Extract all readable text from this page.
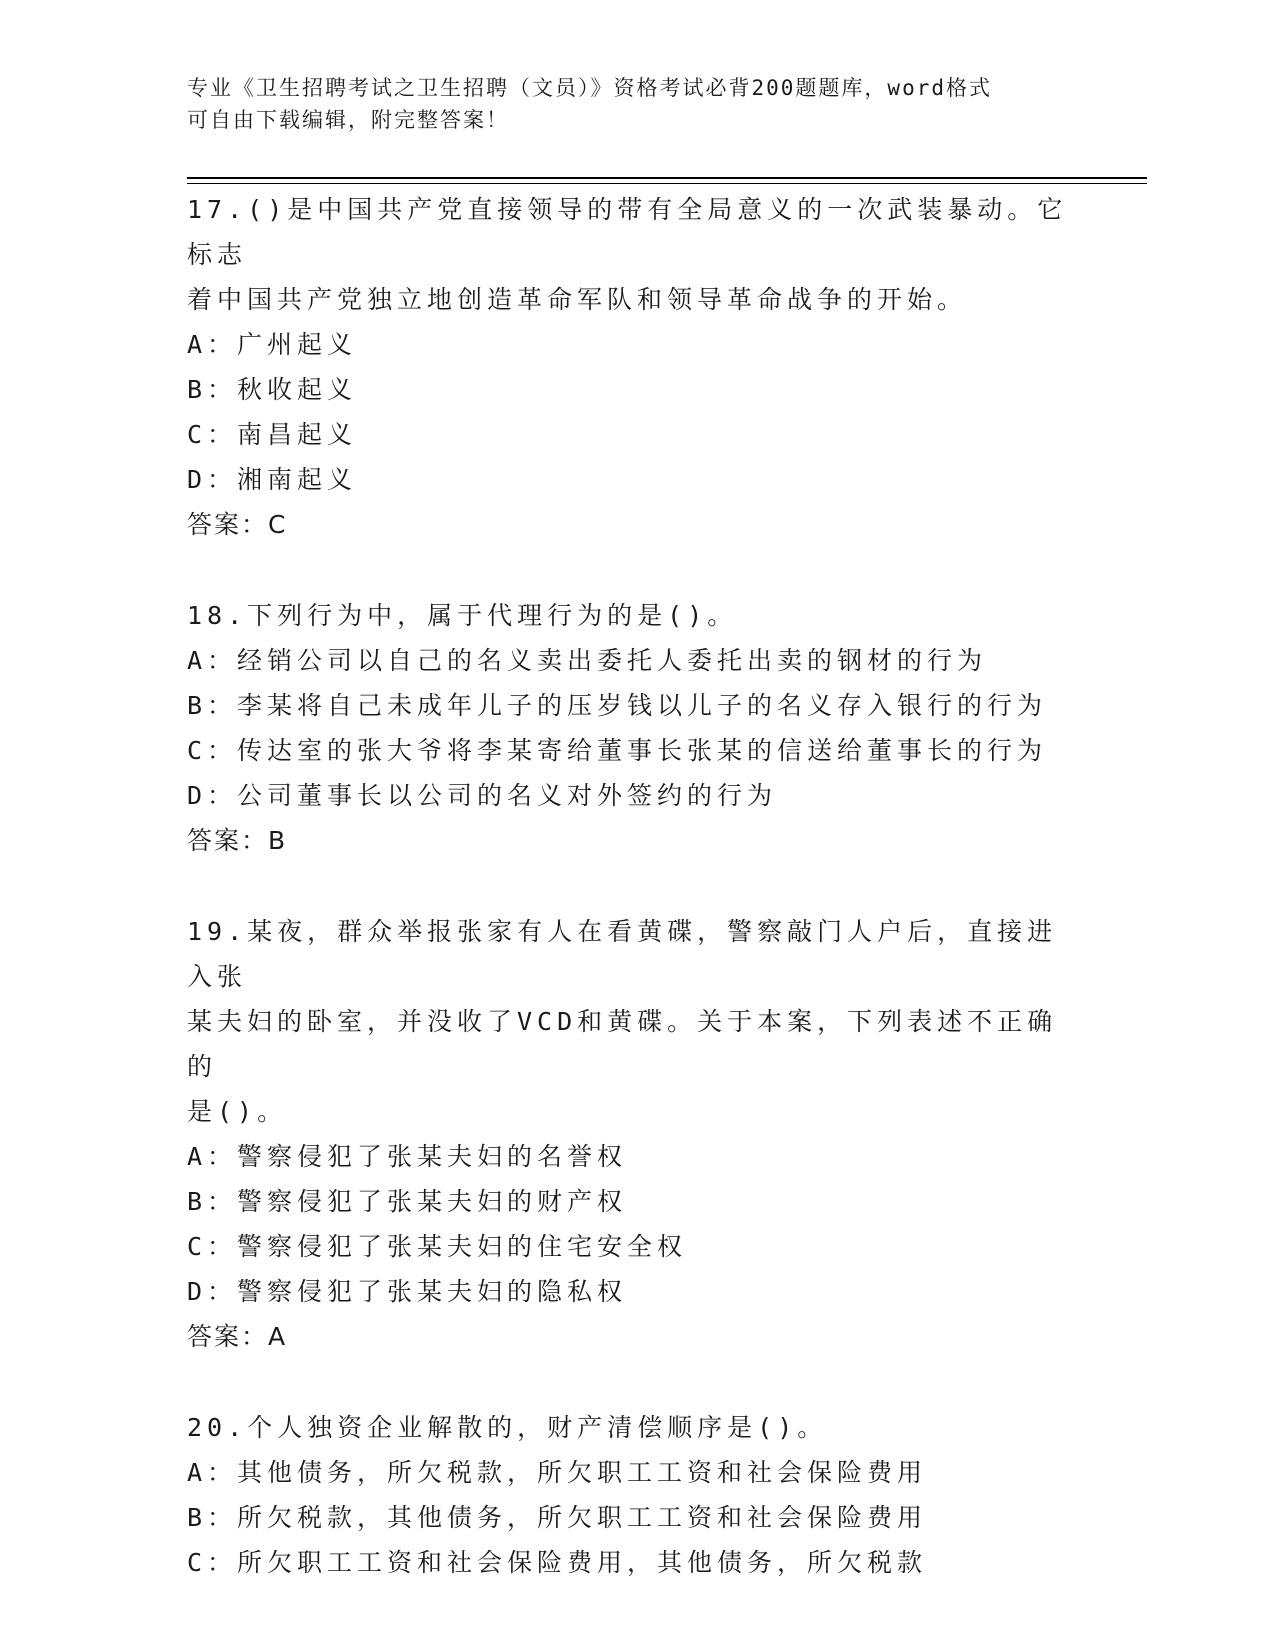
专业《卫生招聘考试之卫生招聘（文员）》资格考试必背200题题库，word格式
可自由下载编辑，附完整答案！
17.()是中国共产党直接领导的带有全局意义的一次武装暴动。它标志
着中国共产党独立地创造革命军队和领导革命战争的开始。
A：广州起义
B：秋收起义
C：南昌起义
D：湘南起义
答案：C
18.下列行为中，属于代理行为的是()。
A：经销公司以自己的名义卖出委托人委托出卖的钢材的行为
B：李某将自己未成年儿子的压岁钱以儿子的名义存入银行的行为
C：传达室的张大爷将李某寄给董事长张某的信送给董事长的行为
D：公司董事长以公司的名义对外签约的行为
答案：B
19.某夜，群众举报张家有人在看黄碟，警察敲门人户后，直接进入张
某夫妇的卧室，并没收了VCD和黄碟。关于本案，下列表述不正确的
是()。
A：警察侵犯了张某夫妇的名誉权
B：警察侵犯了张某夫妇的财产权
C：警察侵犯了张某夫妇的住宅安全权
D：警察侵犯了张某夫妇的隐私权
答案：A
20.个人独资企业解散的，财产清偿顺序是()。
A：其他债务，所欠税款，所欠职工工资和社会保险费用
B：所欠税款，其他债务，所欠职工工资和社会保险费用
C：所欠职工工资和社会保险费用，其他债务，所欠税款
